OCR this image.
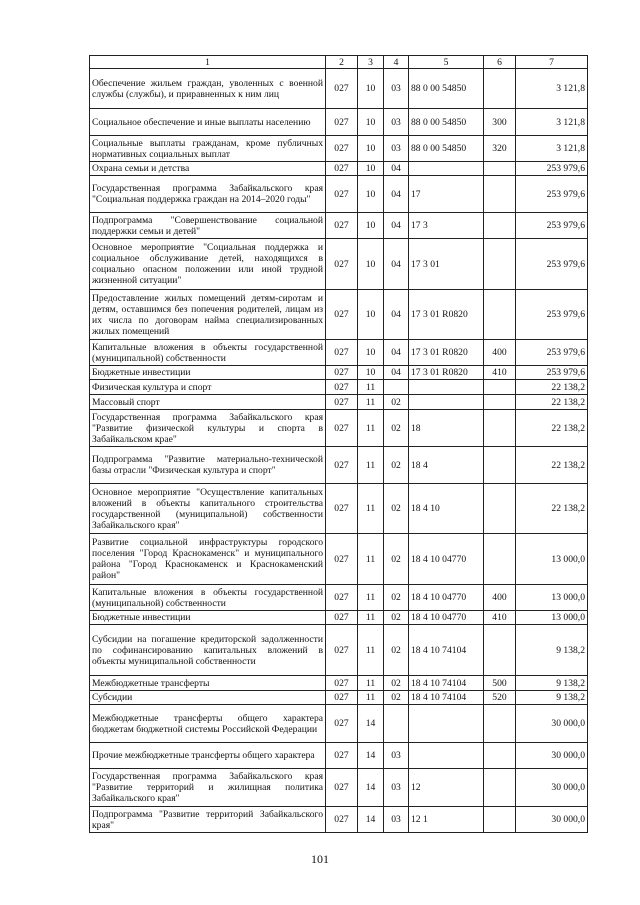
1	2	3	4	5	6	7
Обеспечение жильем граждан, уволенных с военной службы (службы), и приравненных к ним лиц	027	10	03	88 0 00 54850		3 121,8
Социальное обеспечение и иные выплаты населению	027	10	03	88 0 00 54850	300	3 121,8
Социальные выплаты гражданам, кроме публичных нормативных социальных выплат	027	10	03	88 0 00 54850	320	3 121,8
Охрана семьи и детства	027	10	04			253 979,6
Государственная программа Забайкальского края "Социальная поддержка граждан на 2014–2020 годы"	027	10	04	17		253 979,6
Подпрограмма "Совершенствование социальной поддержки семьи и детей"	027	10	04	17 3		253 979,6
Основное мероприятие "Социальная поддержка и социальное обслуживание детей, находящихся в социально опасном положении или иной трудной жизненной ситуации"	027	10	04	17 3 01		253 979,6
Предоставление жилых помещений детям-сиротам и детям, оставшимся без попечения родителей, лицам из их числа по договорам найма специализированных жилых помещений	027	10	04	17 3 01 R0820		253 979,6
Капитальные вложения в объекты государственной (муниципальной) собственности	027	10	04	17 3 01 R0820	400	253 979,6
Бюджетные инвестиции	027	10	04	17 3 01 R0820	410	253 979,6
Физическая культура и спорт	027	11				22 138,2
Массовый спорт	027	11	02			22 138,2
Государственная программа Забайкальского края "Развитие физической культуры и спорта в Забайкальском крае"	027	11	02	18		22 138,2
Подпрограмма "Развитие материально-технической базы отрасли "Физическая культура и спорт"	027	11	02	18 4		22 138,2
Основное мероприятие "Осуществление капитальных вложений в объекты капитального строительства государственной (муниципальной) собственности Забайкальского края"	027	11	02	18 4 10		22 138,2
Развитие социальной инфраструктуры городского поселения "Город Краснокаменск" и муниципального района "Город Краснокаменск и Краснокаменский район"	027	11	02	18 4 10 04770		13 000,0
Капитальные вложения в объекты государственной (муниципальной) собственности	027	11	02	18 4 10 04770	400	13 000,0
Бюджетные инвестиции	027	11	02	18 4 10 04770	410	13 000,0
Субсидии на погашение кредиторской задолженности по софинансированию капитальных вложений в объекты муниципальной собственности	027	11	02	18 4 10 74104		9 138,2
Межбюджетные трансферты	027	11	02	18 4 10 74104	500	9 138,2
Субсидии	027	11	02	18 4 10 74104	520	9 138,2
Межбюджетные трансферты общего характера бюджетам бюджетной системы Российской Федерации	027	14				30 000,0
Прочие межбюджетные трансферты общего характера	027	14	03			30 000,0
Государственная программа Забайкальского края "Развитие территорий и жилищная политика Забайкальского края"	027	14	03	12		30 000,0
Подпрограмма "Развитие территорий Забайкальского края"	027	14	03	12 1		30 000,0
101
